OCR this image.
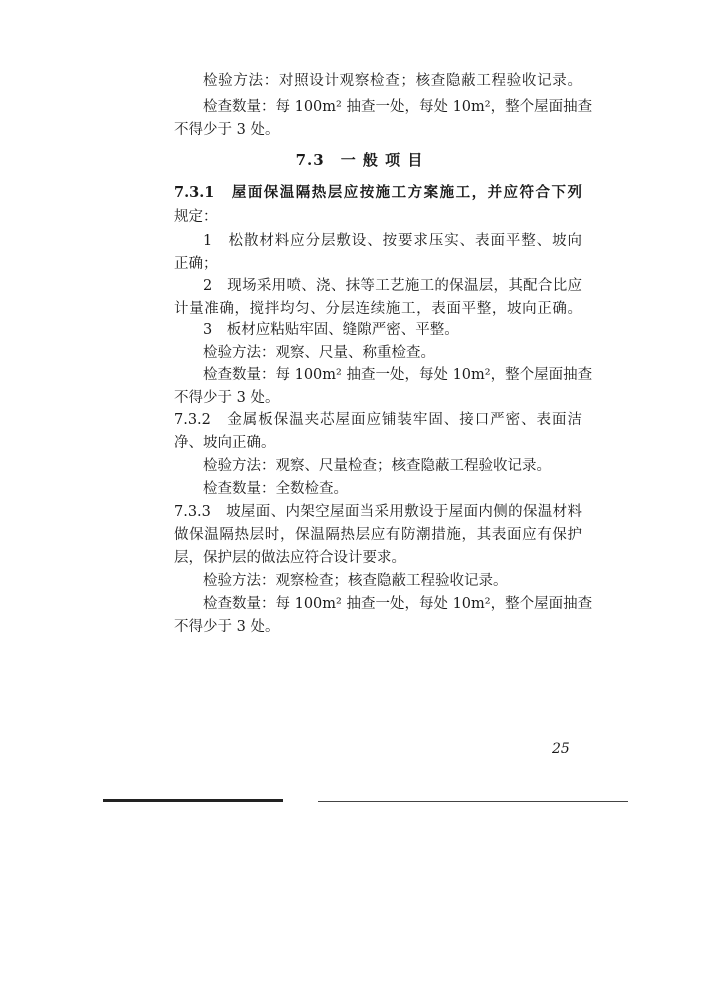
检验方法：对照设计观察检查；核查隐蔽工程验收记录。
检查数量：每 100m² 抽查一处，每处 10m²，整个屋面抽查
不得少于 3 处。
7.3　一 般 项 目
7.3.1　屋面保温隔热层应按施工方案施工，并应符合下列
规定：
1　松散材料应分层敷设、按要求压实、表面平整、坡向
正确；
2　现场采用喷、浇、抹等工艺施工的保温层，其配合比应
计量准确，搅拌均匀、分层连续施工，表面平整，坡向正确。
3　板材应粘贴牢固、缝隙严密、平整。
检验方法：观察、尺量、称重检查。
检查数量：每 100m² 抽查一处，每处 10m²，整个屋面抽查
不得少于 3 处。
7.3.2　金属板保温夹芯屋面应铺装牢固、接口严密、表面洁
净、坡向正确。
检验方法：观察、尺量检查；核查隐蔽工程验收记录。
检查数量：全数检查。
7.3.3　坡屋面、内架空屋面当采用敷设于屋面内侧的保温材料
做保温隔热层时，保温隔热层应有防潮措施，其表面应有保护
层，保护层的做法应符合设计要求。
检验方法：观察检查；核查隐蔽工程验收记录。
检查数量：每 100m² 抽查一处，每处 10m²，整个屋面抽查
不得少于 3 处。
25
